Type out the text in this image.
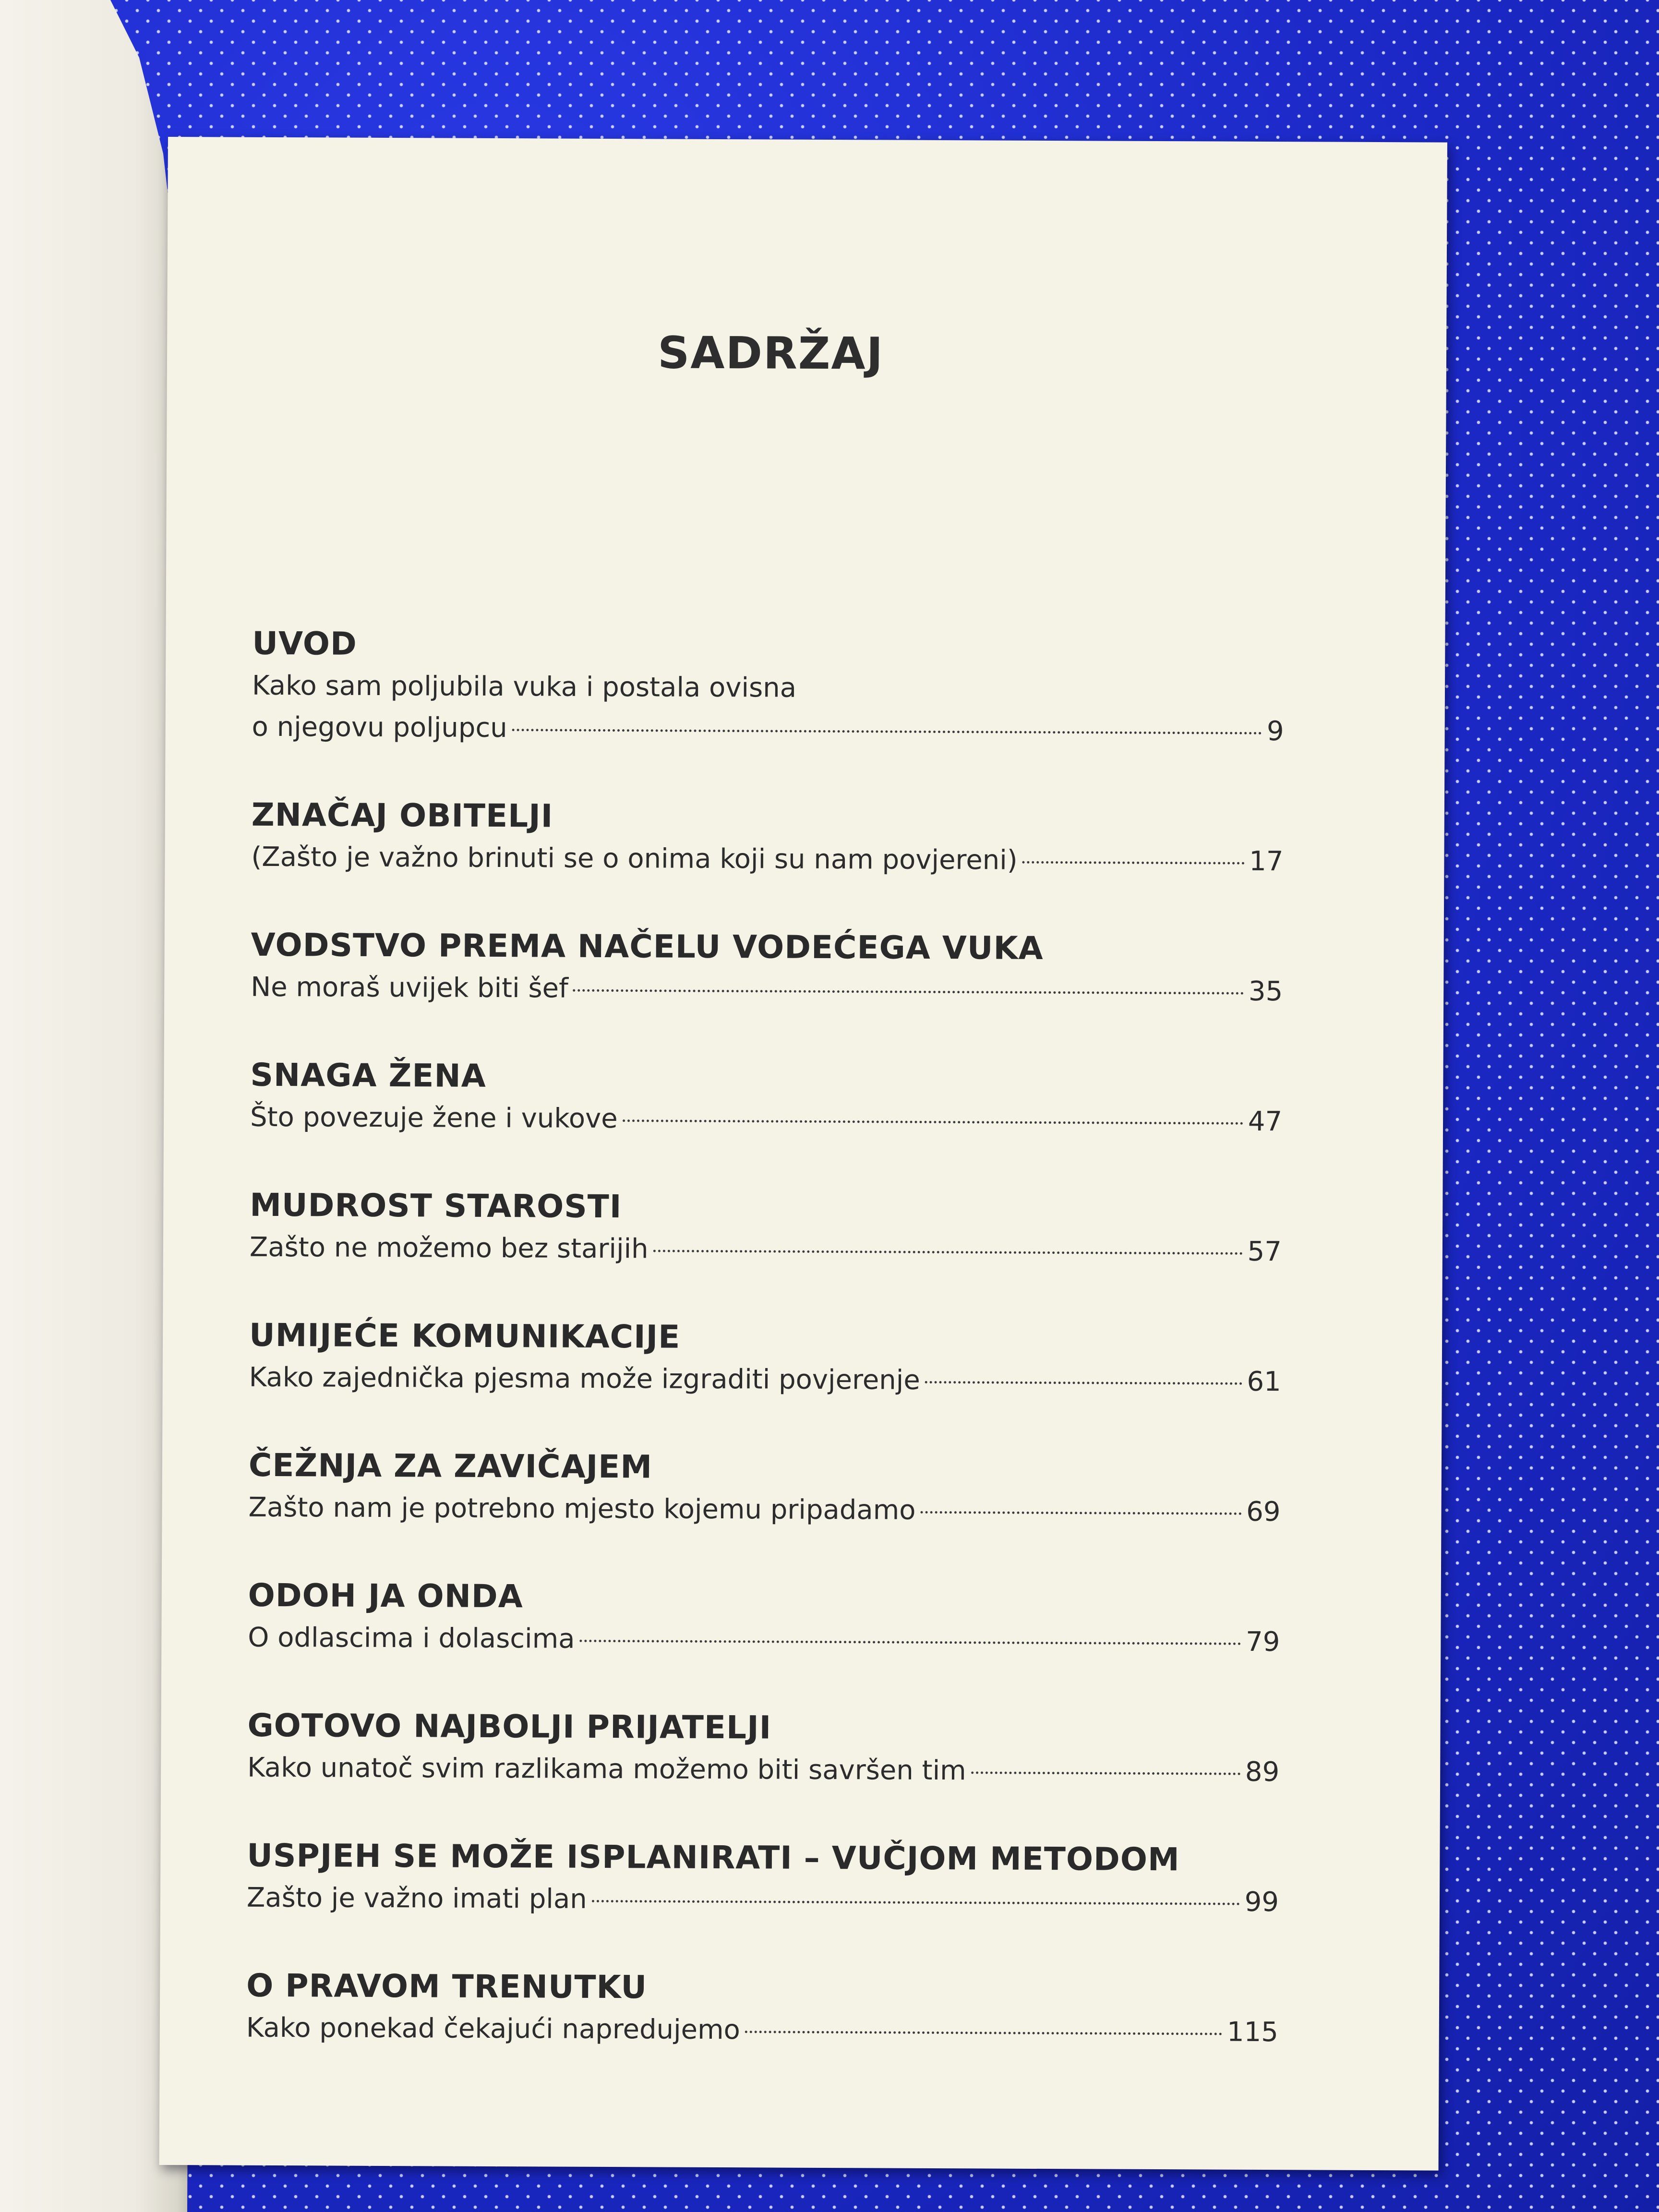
SADRŽAJ
UVOD
Kako sam poljubila vuka i postala ovisna
o njegovu poljupcu	9
ZNAČAJ OBITELJI
(Zašto je važno brinuti se o onima koji su nam povjereni)	17
VODSTVO PREMA NAČELU VODEĆEGA VUKA
Ne moraš uvijek biti šef	35
SNAGA ŽENA
Što povezuje žene i vukove	47
MUDROST STAROSTI
Zašto ne možemo bez starijih	57
UMIJEĆE KOMUNIKACIJE
Kako zajednička pjesma može izgraditi povjerenje	61
ČEŽNJA ZA ZAVIČAJEM
Zašto nam je potrebno mjesto kojemu pripadamo	69
ODOH JA ONDA
O odlascima i dolascima	79
GOTOVO NAJBOLJI PRIJATELJI
Kako unatoč svim razlikama možemo biti savršen tim	89
USPJEH SE MOŽE ISPLANIRATI – VUČJOM METODOM
Zašto je važno imati plan	99
O PRAVOM TRENUTKU
Kako ponekad čekajući napredujemo	115
